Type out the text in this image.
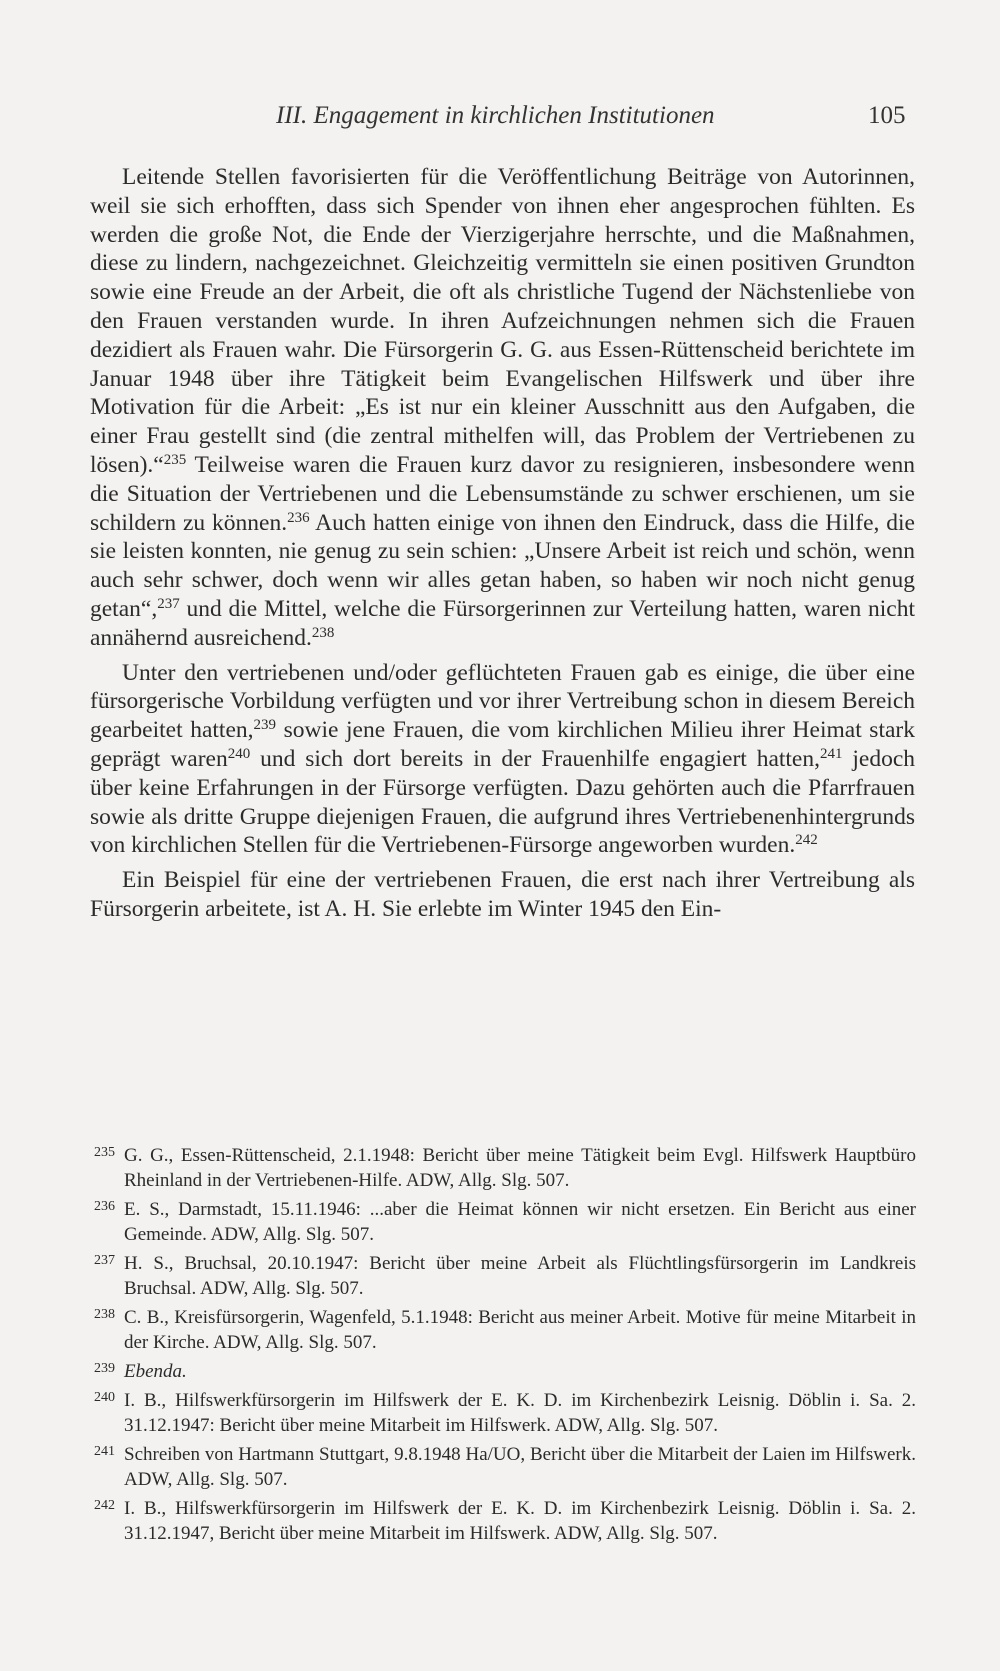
III. Engagement in kirchlichen Institutionen	105

Leitende Stellen favorisierten für die Veröffentlichung Beiträge von Autorinnen, weil sie sich erhofften, dass sich Spender von ihnen eher angesprochen fühlten. Es werden die große Not, die Ende der Vierzigerjahre herrschte, und die Maßnahmen, diese zu lindern, nachgezeichnet. Gleichzeitig vermitteln sie einen positiven Grundton sowie eine Freude an der Arbeit, die oft als christliche Tugend der Nächstenliebe von den Frauen verstanden wurde. In ihren Aufzeichnungen nehmen sich die Frauen dezidiert als Frauen wahr. Die Fürsorgerin G. G. aus Essen-Rüttenscheid berichtete im Januar 1948 über ihre Tätigkeit beim Evangelischen Hilfswerk und über ihre Motivation für die Arbeit: „Es ist nur ein kleiner Ausschnitt aus den Aufgaben, die einer Frau gestellt sind (die zentral mithelfen will, das Problem der Vertriebenen zu lösen).“$^{235}$ Teilweise waren die Frauen kurz davor zu resignieren, insbesondere wenn die Situation der Vertriebenen und die Lebensumstände zu schwer erschienen, um sie schildern zu können.$^{236}$ Auch hatten einige von ihnen den Eindruck, dass die Hilfe, die sie leisten konnten, nie genug zu sein schien: „Unsere Arbeit ist reich und schön, wenn auch sehr schwer, doch wenn wir alles getan haben, so haben wir noch nicht genug getan“,$^{237}$ und die Mittel, welche die Fürsorgerinnen zur Verteilung hatten, waren nicht annähernd ausreichend.$^{238}$

Unter den vertriebenen und/oder geflüchteten Frauen gab es einige, die über eine fürsorgerische Vorbildung verfügten und vor ihrer Vertreibung schon in diesem Bereich gearbeitet hatten,$^{239}$ sowie jene Frauen, die vom kirchlichen Milieu ihrer Heimat stark geprägt waren$^{240}$ und sich dort bereits in der Frauenhilfe engagiert hatten,$^{241}$ jedoch über keine Erfahrungen in der Fürsorge verfügten. Dazu gehörten auch die Pfarrfrauen sowie als dritte Gruppe diejenigen Frauen, die aufgrund ihres Vertriebenenhintergrunds von kirchlichen Stellen für die Vertriebenen-Fürsorge angeworben wurden.$^{242}$

Ein Beispiel für eine der vertriebenen Frauen, die erst nach ihrer Vertreibung als Fürsorgerin arbeitete, ist A. H. Sie erlebte im Winter 1945 den Ein-

235 G. G., Essen-Rüttenscheid, 2.1.1948: Bericht über meine Tätigkeit beim Evgl. Hilfswerk Hauptbüro Rheinland in der Vertriebenen-Hilfe. ADW, Allg. Slg. 507.
236 E. S., Darmstadt, 15.11.1946: ...aber die Heimat können wir nicht ersetzen. Ein Bericht aus einer Gemeinde. ADW, Allg. Slg. 507.
237 H. S., Bruchsal, 20.10.1947: Bericht über meine Arbeit als Flüchtlingsfürsorgerin im Landkreis Bruchsal. ADW, Allg. Slg. 507.
238 C. B., Kreisfürsorgerin, Wagenfeld, 5.1.1948: Bericht aus meiner Arbeit. Motive für meine Mitarbeit in der Kirche. ADW, Allg. Slg. 507.
239 Ebenda.
240 I. B., Hilfswerkfürsorgerin im Hilfswerk der E. K. D. im Kirchenbezirk Leisnig. Döblin i. Sa. 2. 31.12.1947: Bericht über meine Mitarbeit im Hilfswerk. ADW, Allg. Slg. 507.
241 Schreiben von Hartmann Stuttgart, 9.8.1948 Ha/UO, Bericht über die Mitarbeit der Laien im Hilfswerk. ADW, Allg. Slg. 507.
242 I. B., Hilfswerkfürsorgerin im Hilfswerk der E. K. D. im Kirchenbezirk Leisnig. Döblin i. Sa. 2. 31.12.1947, Bericht über meine Mitarbeit im Hilfswerk. ADW, Allg. Slg. 507.
